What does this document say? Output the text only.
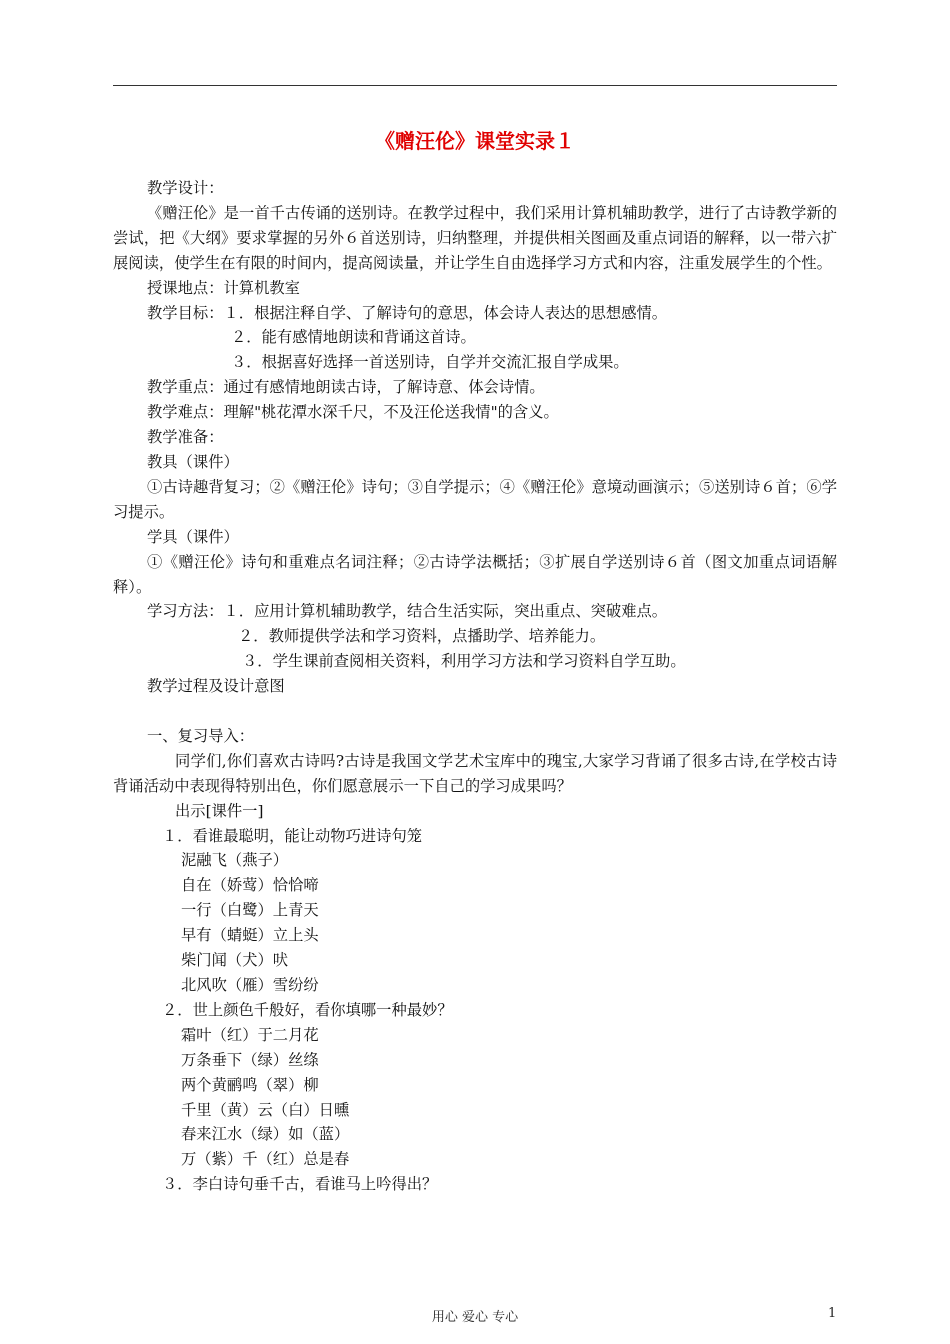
《赠汪伦》课堂实录１

教学设计：

《赠汪伦》是一首千古传诵的送别诗。在教学过程中，我们采用计算机辅助教学，进行了古诗教学新的尝试，把《大纲》要求掌握的另外６首送别诗，归纳整理，并提供相关图画及重点词语的解释，以一带六扩展阅读，使学生在有限的时间内，提高阅读量，并让学生自由选择学习方式和内容，注重发展学生的个性。

授课地点：计算机教室

教学目标：１．根据注释自学、了解诗句的意思，体会诗人表达的思想感情。

２．能有感情地朗读和背诵这首诗。

３．根据喜好选择一首送别诗，自学并交流汇报自学成果。

教学重点：通过有感情地朗读古诗，了解诗意、体会诗情。

教学难点：理解"桃花潭水深千尺，不及汪伦送我情"的含义。

教学准备：

教具（课件）

①古诗趣背复习；②《赠汪伦》诗句；③自学提示；④《赠汪伦》意境动画演示；⑤送别诗６首；⑥学习提示。

学具（课件）

①《赠汪伦》诗句和重难点名词注释；②古诗学法概括；③扩展自学送别诗６首（图文加重点词语解释）。

学习方法：１．应用计算机辅助教学，结合生活实际，突出重点、突破难点。

２．教师提供学法和学习资料，点播助学、培养能力。

３．学生课前查阅相关资料，利用学习方法和学习资料自学互助。

教学过程及设计意图

一、复习导入：

同学们,你们喜欢古诗吗?古诗是我国文学艺术宝库中的瑰宝,大家学习背诵了很多古诗,在学校古诗背诵活动中表现得特别出色，你们愿意展示一下自己的学习成果吗？

出示[课件一]

１．看谁最聪明，能让动物巧进诗句笼

泥融飞（燕子）

自在（娇莺）恰恰啼

一行（白鹭）上青天

早有（蜻蜓）立上头

柴门闻（犬）吠

北风吹（雁）雪纷纷

２．世上颜色千般好，看你填哪一种最妙？

霜叶（红）于二月花

万条垂下（绿）丝绦

两个黄鹂鸣（翠）柳

千里（黄）云（白）日曛

春来江水（绿）如（蓝）

万（紫）千（红）总是春

３．李白诗句垂千古，看谁马上吟得出？

用心 爱心 专心	1
